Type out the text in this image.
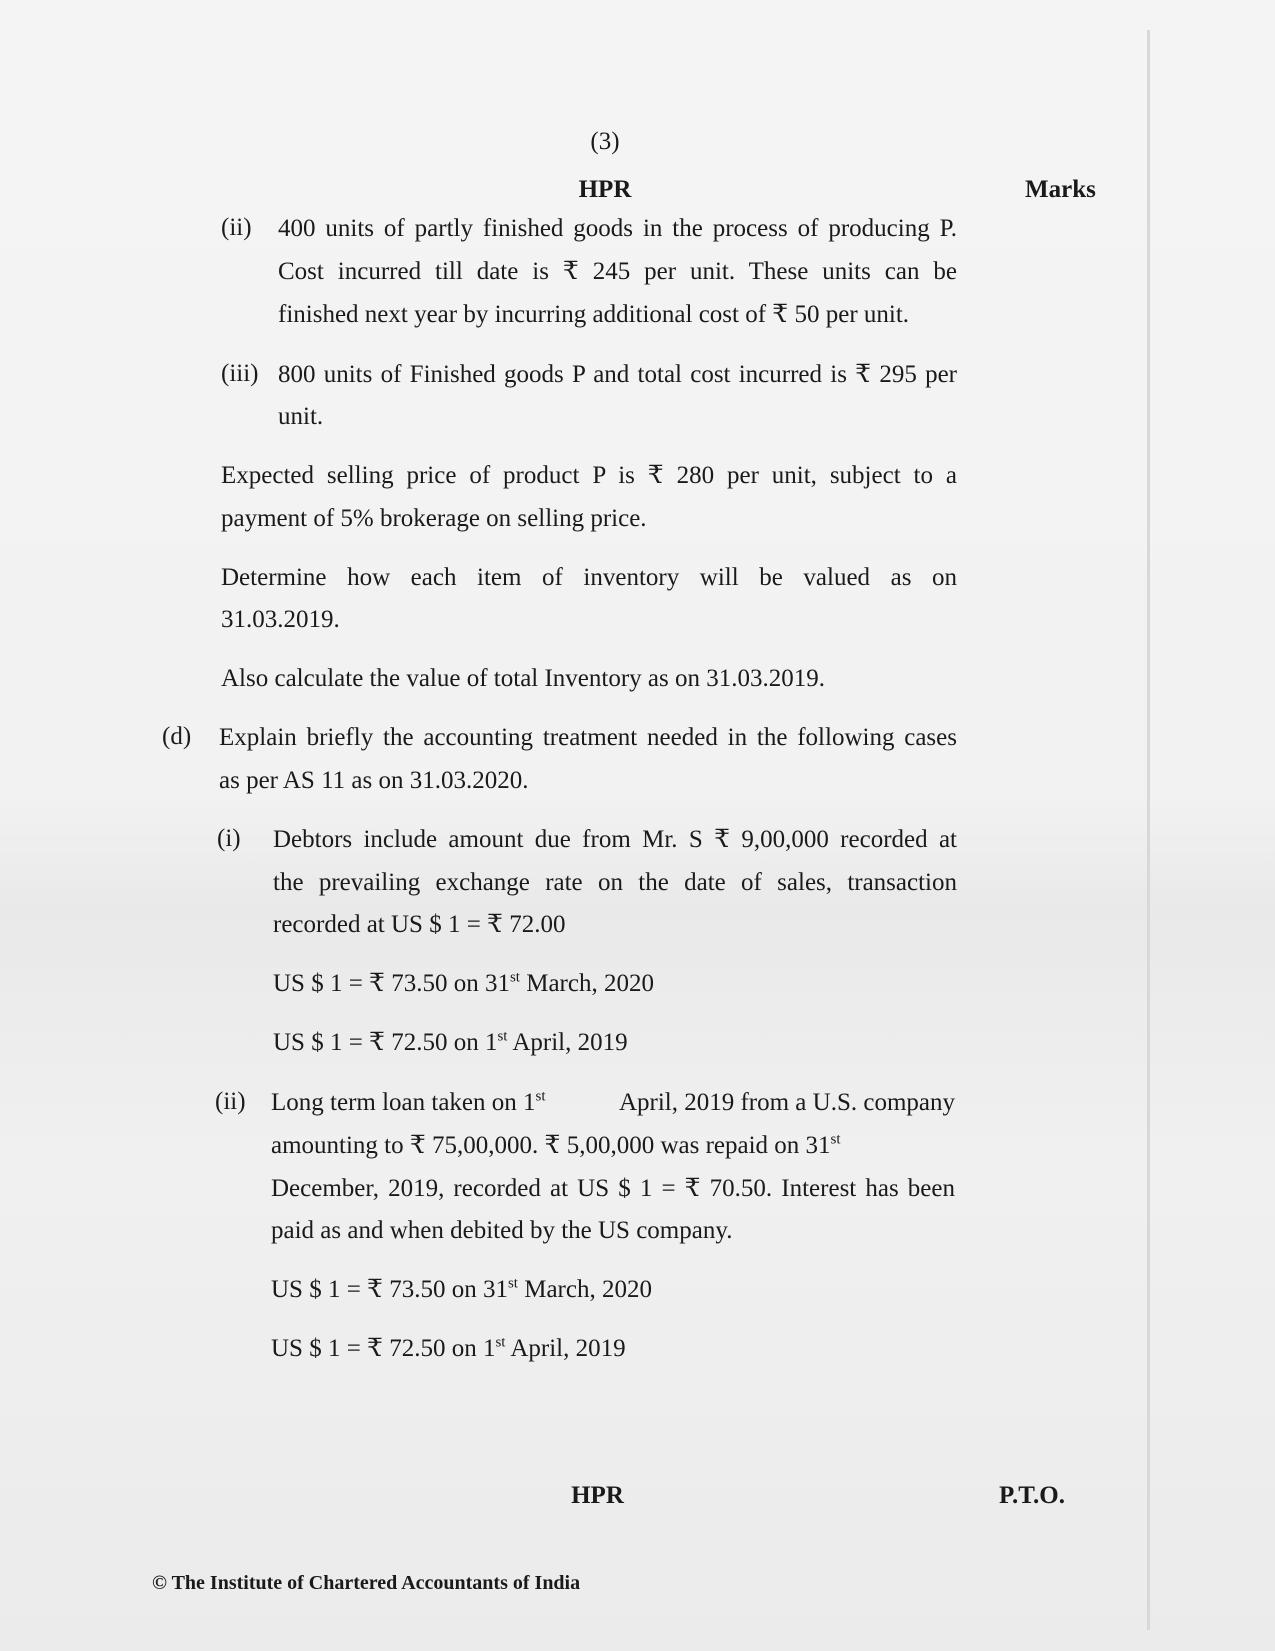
(3)
HPR	Marks
(ii) 400 units of partly finished goods in the process of producing P.
Cost incurred till date is ₹ 245 per unit. These units can be
finished next year by incurring additional cost of ₹ 50 per unit.
(iii) 800 units of Finished goods P and total cost incurred is ₹ 295 per
unit.
Expected selling price of product P is ₹ 280 per unit, subject to a
payment of 5% brokerage on selling price.
Determine how each item of inventory will be valued as on
31.03.2019.
Also calculate the value of total Inventory as on 31.03.2019.
(d) Explain briefly the accounting treatment needed in the following cases
as per AS 11 as on 31.03.2020.
(i) Debtors include amount due from Mr. S ₹ 9,00,000 recorded at
the prevailing exchange rate on the date of sales, transaction
recorded at US $ 1 = ₹ 72.00
US $ 1 = ₹ 73.50 on 31st March, 2020
US $ 1 = ₹ 72.50 on 1st April, 2019
(ii) Long term loan taken on 1st	April, 2019 from a U.S. company
amounting to ₹ 75,00,000. ₹ 5,00,000 was repaid on 31st
December, 2019, recorded at US $ 1 = ₹ 70.50. Interest has been
paid as and when debited by the US company.
US $ 1 = ₹ 73.50 on 31st March, 2020
US $ 1 = ₹ 72.50 on 1st April, 2019
HPR	P.T.O.
© The Institute of Chartered Accountants of India
